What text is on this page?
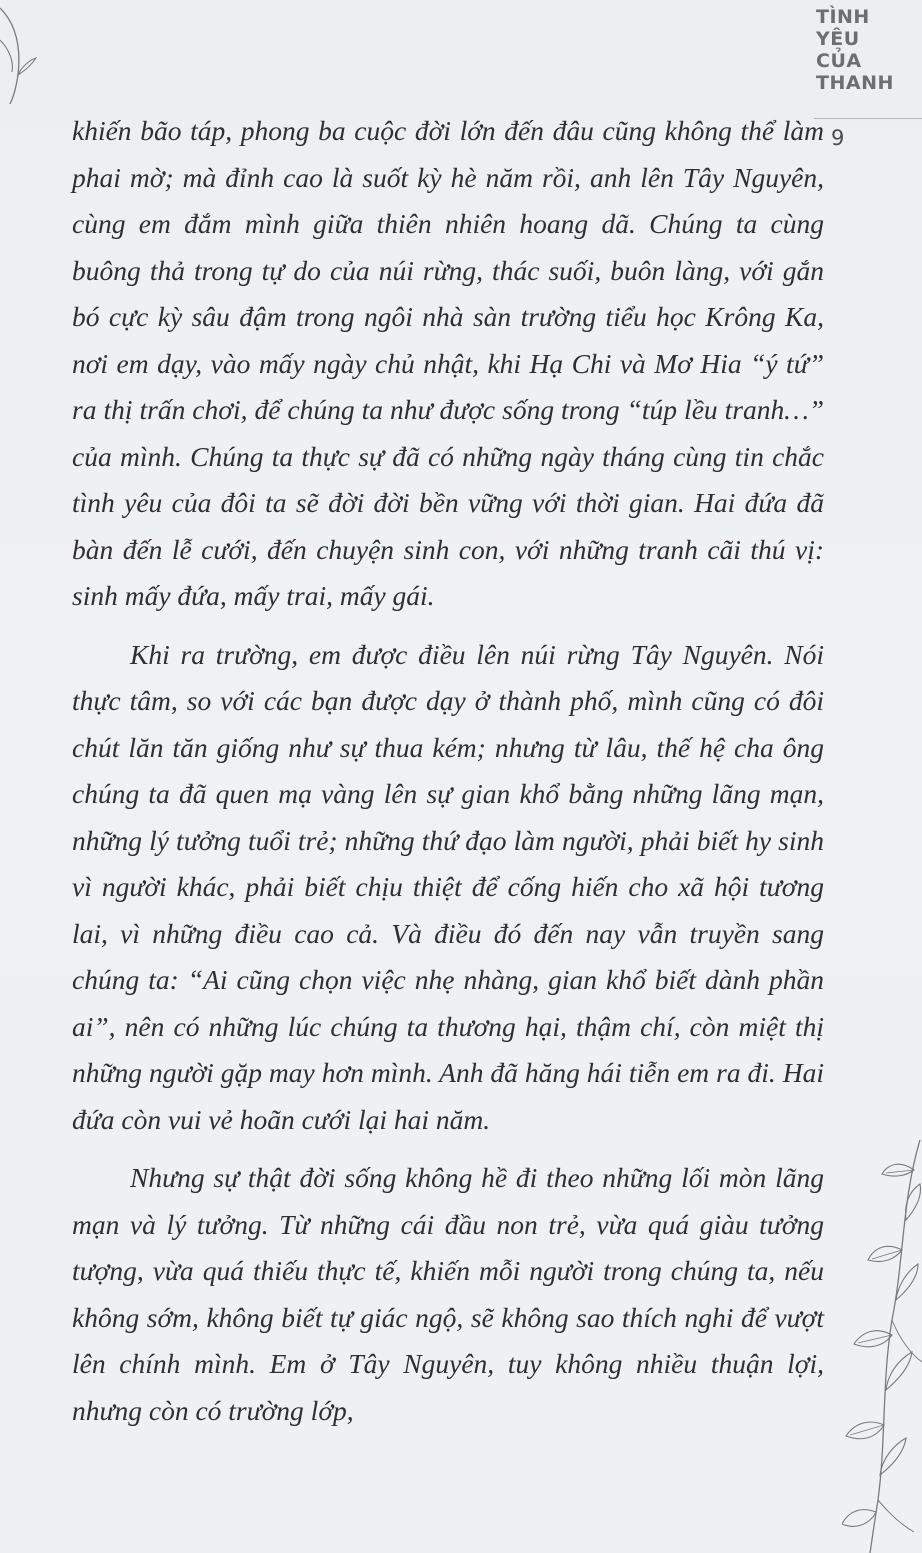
TÌNH
YÊU
CỦA
THANH
9

khiến bão táp, phong ba cuộc đời lớn đến đâu cũng không thể làm phai mờ; mà đỉnh cao là suốt kỳ hè năm rồi, anh lên Tây Nguyên, cùng em đắm mình giữa thiên nhiên hoang dã. Chúng ta cùng buông thả trong tự do của núi rừng, thác suối, buôn làng, với gắn bó cực kỳ sâu đậm trong ngôi nhà sàn trường tiểu học Krông Ka, nơi em dạy, vào mấy ngày chủ nhật, khi Hạ Chi và Mơ Hia “ý tứ” ra thị trấn chơi, để chúng ta như được sống trong “túp lều tranh…” của mình. Chúng ta thực sự đã có những ngày tháng cùng tin chắc tình yêu của đôi ta sẽ đời đời bền vững với thời gian. Hai đứa đã bàn đến lễ cưới, đến chuyện sinh con, với những tranh cãi thú vị: sinh mấy đứa, mấy trai, mấy gái.

Khi ra trường, em được điều lên núi rừng Tây Nguyên. Nói thực tâm, so với các bạn được dạy ở thành phố, mình cũng có đôi chút lăn tăn giống như sự thua kém; nhưng từ lâu, thế hệ cha ông chúng ta đã quen mạ vàng lên sự gian khổ bằng những lãng mạn, những lý tưởng tuổi trẻ; những thứ đạo làm người, phải biết hy sinh vì người khác, phải biết chịu thiệt để cống hiến cho xã hội tương lai, vì những điều cao cả. Và điều đó đến nay vẫn truyền sang chúng ta: “Ai cũng chọn việc nhẹ nhàng, gian khổ biết dành phần ai”, nên có những lúc chúng ta thương hại, thậm chí, còn miệt thị những người gặp may hơn mình. Anh đã hăng hái tiễn em ra đi. Hai đứa còn vui vẻ hoãn cưới lại hai năm.

Nhưng sự thật đời sống không hề đi theo những lối mòn lãng mạn và lý tưởng. Từ những cái đầu non trẻ, vừa quá giàu tưởng tượng, vừa quá thiếu thực tế, khiến mỗi người trong chúng ta, nếu không sớm, không biết tự giác ngộ, sẽ không sao thích nghi để vượt lên chính mình. Em ở Tây Nguyên, tuy không nhiều thuận lợi, nhưng còn có trường lớp,
